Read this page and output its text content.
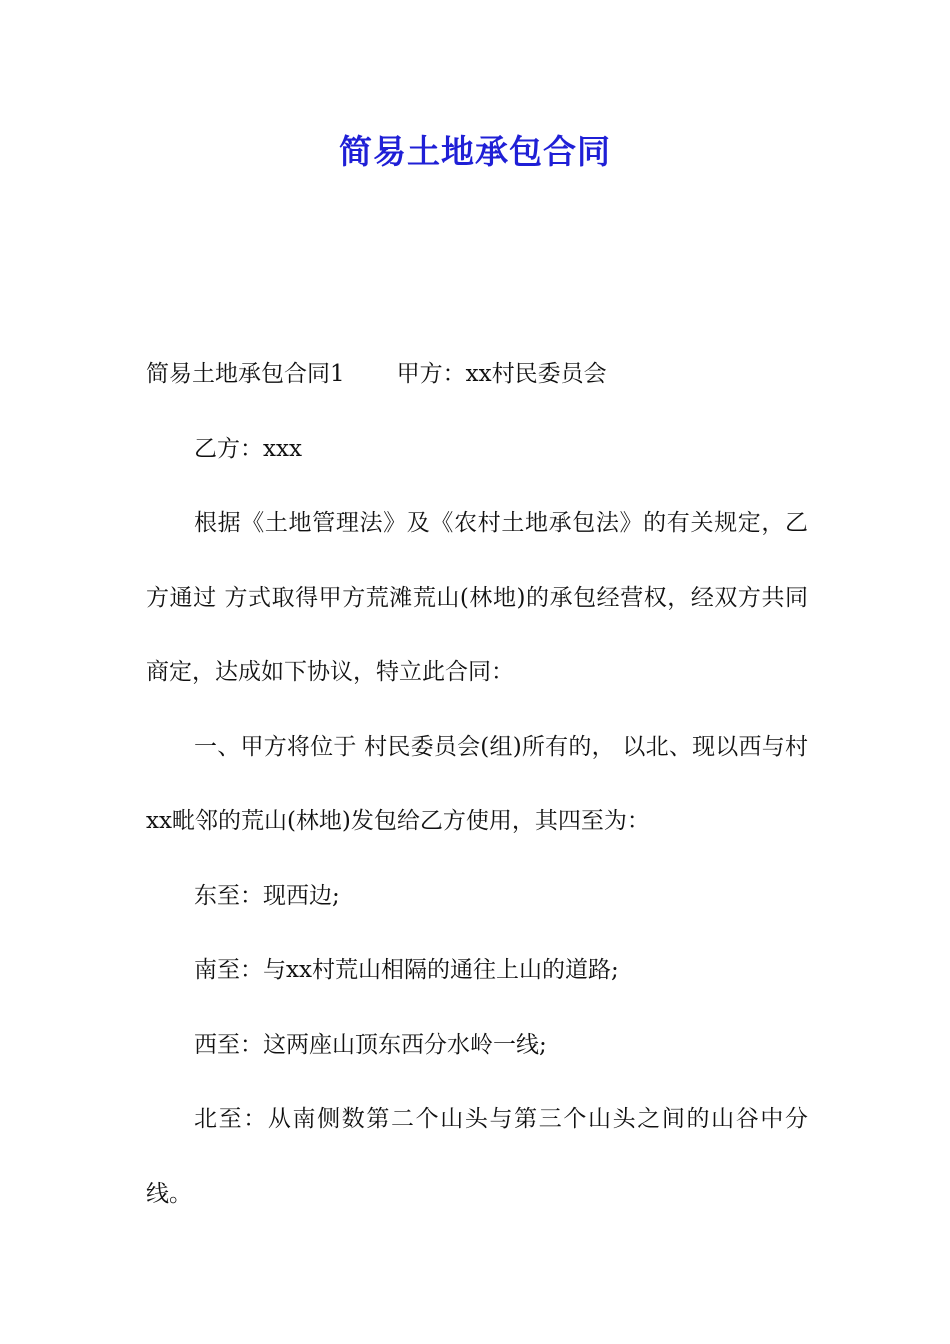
简易土地承包合同

简易土地承包合同1 甲方：xx村民委员会

乙方：xxx

根据《土地管理法》及《农村土地承包法》的有关规定，乙方通过 方式取得甲方荒滩荒山(林地)的承包经营权，经双方共同商定，达成如下协议，特立此合同：

一、甲方将位于 村民委员会(组)所有的， 以北、现以西与村xx毗邻的荒山(林地)发包给乙方使用，其四至为：

东至：现西边;

南至：与xx村荒山相隔的通往上山的道路;

西至：这两座山顶东西分水岭一线;

北至：从南侧数第二个山头与第三个山头之间的山谷中分线。
